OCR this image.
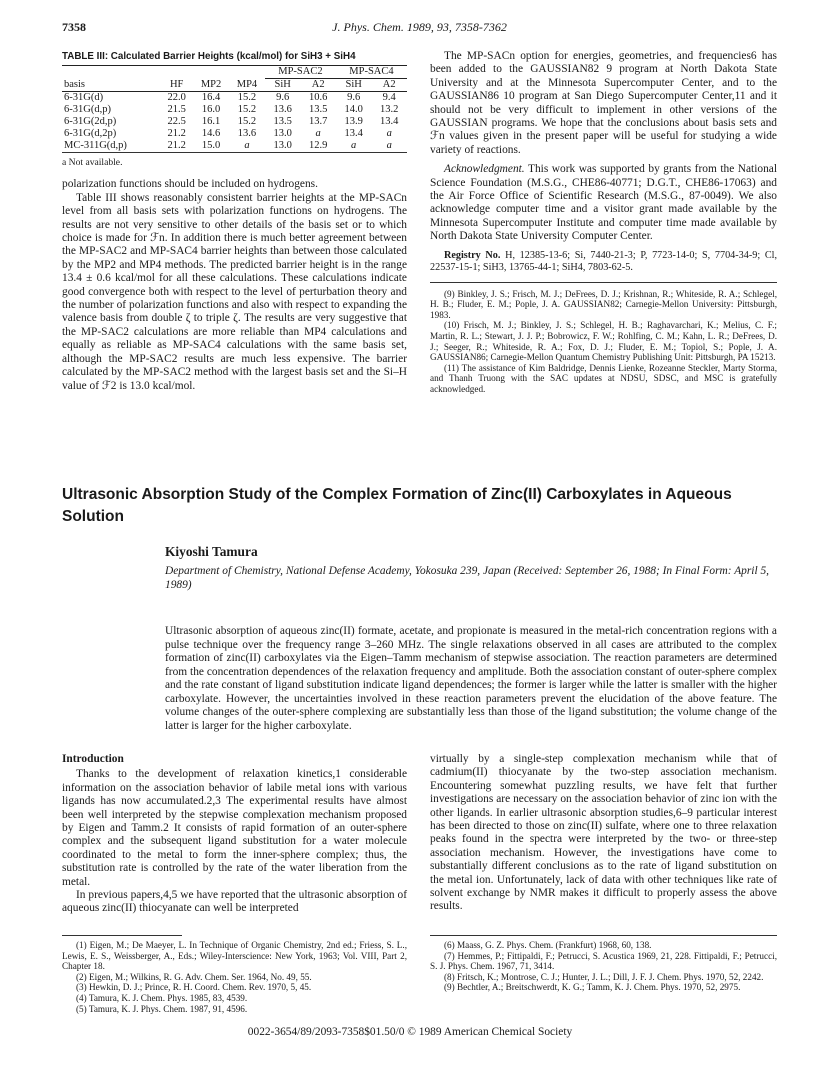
7358	J. Phys. Chem. 1989, 93, 7358-7362
TABLE III: Calculated Barrier Heights (kcal/mol) for SiH3 + SiH4
				MP-SAC2		MP-SAC4	
basis	HF	MP2	MP4	SiH	A2	SiH	A2
6-31G(d)	22.0	16.4	15.2	9.6	10.6	9.6	9.4
6-31G(d,p)	21.5	16.0	15.2	13.6	13.5	14.0	13.2
6-31G(2d,p)	22.5	16.1	15.2	13.5	13.7	13.9	13.4
6-31G(d,2p)	21.2	14.6	13.6	13.0	a	13.4	a
MC-311G(d,p)	21.2	15.0	a	13.0	12.9	a	a
a Not available.

polarization functions should be included on hydrogens.

Table III shows reasonably consistent barrier heights at the MP-SACn level from all basis sets with polarization functions on hydrogens. The results are not very sensitive to other details of the basis set or to which choice is made for ℱn. In addition there is much better agreement between the MP-SAC2 and MP-SAC4 barrier heights than between those calculated by the MP2 and MP4 methods. The predicted barrier height is in the range 13.4 ± 0.6 kcal/mol for all these calculations. These calculations indicate good convergence both with respect to the level of perturbation theory and the number of polarization functions and also with respect to expanding the valence basis from double ζ to triple ζ. The results are very suggestive that the MP-SAC2 calculations are more reliable than MP4 calculations and equally as reliable as MP-SAC4 calculations with the same basis set, although the MP-SAC2 results are much less expensive. The barrier calculated by the MP-SAC2 method with the largest basis set and the Si–H value of ℱ2 is 13.0 kcal/mol.

The MP-SACn option for energies, geometries, and frequencies6 has been added to the GAUSSIAN82 9 program at North Dakota State University and at the Minnesota Supercomputer Center, and to the GAUSSIAN86 10 program at San Diego Supercomputer Center,11 and it should not be very difficult to implement in other versions of the GAUSSIAN programs. We hope that the conclusions about basis sets and ℱn values given in the present paper will be useful for studying a wide variety of reactions.

Acknowledgment. This work was supported by grants from the National Science Foundation (M.S.G., CHE86-40771; D.G.T., CHE86-17063) and the Air Force Office of Scientific Research (M.S.G., 87-0049). We also acknowledge computer time and a visitor grant made available by the Minnesota Supercomputer Institute and computer time made available by North Dakota State University Computer Center.

Registry No. H, 12385-13-6; Si, 7440-21-3; P, 7723-14-0; S, 7704-34-9; Cl, 22537-15-1; SiH3, 13765-44-1; SiH4, 7803-62-5.

(9) Binkley, J. S.; Frisch, M. J.; DeFrees, D. J.; Krishnan, R.; Whiteside, R. A.; Schlegel, H. B.; Fluder, E. M.; Pople, J. A. GAUSSIAN82; Carnegie-Mellon University: Pittsburgh, 1983.
(10) Frisch, M. J.; Binkley, J. S.; Schlegel, H. B.; Raghavarchari, K.; Melius, C. F.; Martin, R. L.; Stewart, J. J. P.; Bobrowicz, F. W.; Rohlfing, C. M.; Kahn, L. R.; DeFrees, D. J.; Seeger, R.; Whiteside, R. A.; Fox, D. J.; Fluder, E. M.; Topiol, S.; Pople, J. A. GAUSSIAN86; Carnegie-Mellon Quantum Chemistry Publishing Unit: Pittsburgh, PA 15213.
(11) The assistance of Kim Baldridge, Dennis Lienke, Rozeanne Steckler, Marty Storma, and Thanh Truong with the SAC updates at NDSU, SDSC, and MSC is gratefully acknowledged.
Ultrasonic Absorption Study of the Complex Formation of Zinc(II) Carboxylates in Aqueous Solution
Kiyoshi Tamura
Department of Chemistry, National Defense Academy, Yokosuka 239, Japan (Received: September 26, 1988; In Final Form: April 5, 1989)

Ultrasonic absorption of aqueous zinc(II) formate, acetate, and propionate is measured in the metal-rich concentration regions with a pulse technique over the frequency range 3–260 MHz. The single relaxations observed in all cases are attributed to the complex formation of zinc(II) carboxylates via the Eigen–Tamm mechanism of stepwise association. The reaction parameters are determined from the concentration dependences of the relaxation frequency and amplitude. Both the association constant of outer-sphere complex and the rate constant of ligand substitution indicate ligand dependences; the former is larger while the latter is smaller with the higher carboxylate. However, the uncertainties involved in these reaction parameters prevent the elucidation of the above feature. The volume changes of the outer-sphere complexing are substantially less than those of the ligand substitution; the volume change of the latter is larger for the higher carboxylate.

Introduction

Thanks to the development of relaxation kinetics,1 considerable information on the association behavior of labile metal ions with various ligands has now accumulated.2,3 The experimental results have almost been well interpreted by the stepwise complexation mechanism proposed by Eigen and Tamm.2 It consists of rapid formation of an outer-sphere complex and the subsequent ligand substitution for a water molecule coordinated to the metal to form the inner-sphere complex; thus, the substitution rate is controlled by the rate of the water liberation from the metal.

In previous papers,4,5 we have reported that the ultrasonic absorption of aqueous zinc(II) thiocyanate can well be interpreted

virtually by a single-step complexation mechanism while that of cadmium(II) thiocyanate by the two-step association mechanism. Encountering somewhat puzzling results, we have felt that further investigations are necessary on the association behavior of zinc ion with the other ligands. In earlier ultrasonic absorption studies,6–9 particular interest has been directed to those on zinc(II) sulfate, where one to three relaxation peaks found in the spectra were interpreted by the two- or three-step association mechanism. However, the investigations have come to substantially different conclusions as to the rate of ligand substitution on the metal ion. Unfortunately, lack of data with other techniques like rate of solvent exchange by NMR makes it difficult to properly assess the above results.

(1) Eigen, M.; De Maeyer, L. In Technique of Organic Chemistry, 2nd ed.; Friess, S. L., Lewis, E. S., Weissberger, A., Eds.; Wiley-Interscience: New York, 1963; Vol. VIII, Part 2, Chapter 18.
(2) Eigen, M.; Wilkins, R. G. Adv. Chem. Ser. 1964, No. 49, 55.
(3) Hewkin, D. J.; Prince, R. H. Coord. Chem. Rev. 1970, 5, 45.
(4) Tamura, K. J. Chem. Phys. 1985, 83, 4539.
(5) Tamura, K. J. Phys. Chem. 1987, 91, 4596.
(6) Maass, G. Z. Phys. Chem. (Frankfurt) 1968, 60, 138.
(7) Hemmes, P.; Fittipaldi, F.; Petrucci, S. Acustica 1969, 21, 228. Fittipaldi, F.; Petrucci, S. J. Phys. Chem. 1967, 71, 3414.
(8) Fritsch, K.; Montrose, C. J.; Hunter, J. L.; Dill, J. F. J. Chem. Phys. 1970, 52, 2242.
(9) Bechtler, A.; Breitschwerdt, K. G.; Tamm, K. J. Chem. Phys. 1970, 52, 2975.
0022-3654/89/2093-7358$01.50/0 © 1989 American Chemical Society
